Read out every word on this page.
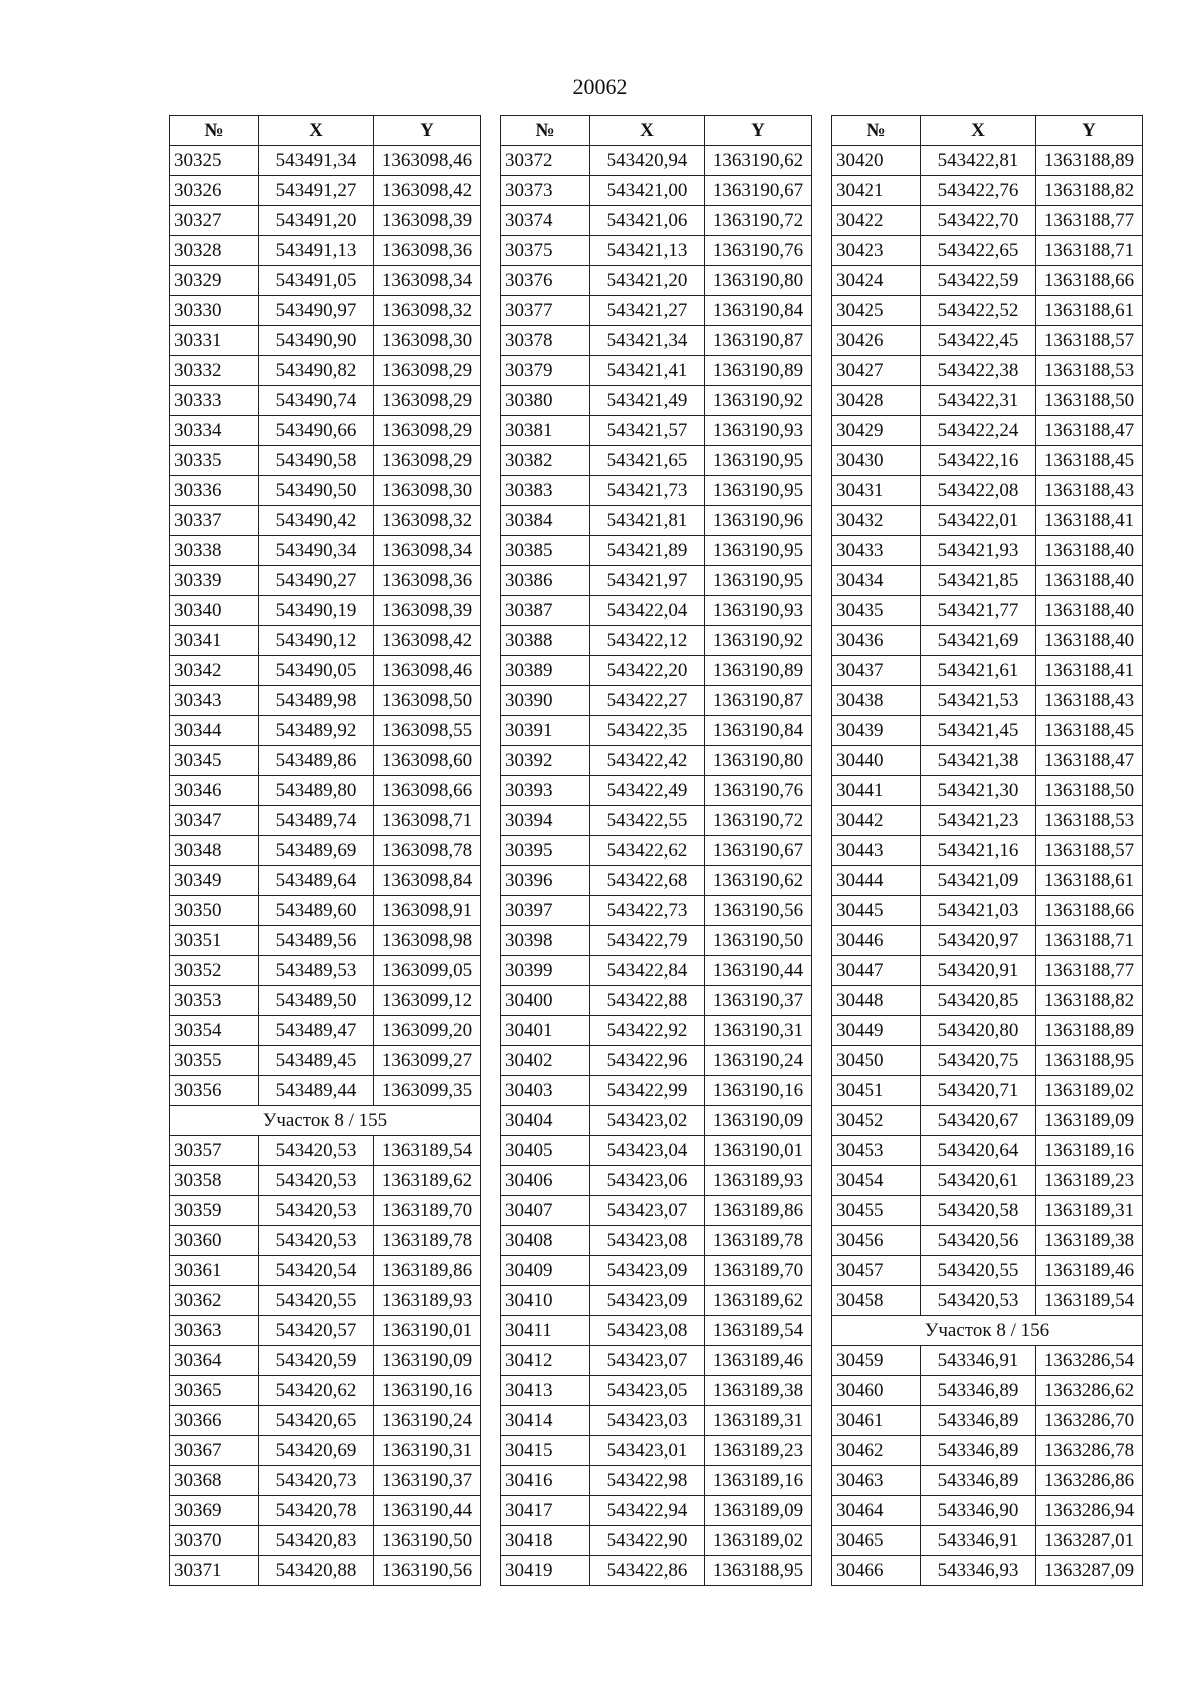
20062
№	X	Y
30325	543491,34	1363098,46
30326	543491,27	1363098,42
30327	543491,20	1363098,39
30328	543491,13	1363098,36
30329	543491,05	1363098,34
30330	543490,97	1363098,32
30331	543490,90	1363098,30
30332	543490,82	1363098,29
30333	543490,74	1363098,29
30334	543490,66	1363098,29
30335	543490,58	1363098,29
30336	543490,50	1363098,30
30337	543490,42	1363098,32
30338	543490,34	1363098,34
30339	543490,27	1363098,36
30340	543490,19	1363098,39
30341	543490,12	1363098,42
30342	543490,05	1363098,46
30343	543489,98	1363098,50
30344	543489,92	1363098,55
30345	543489,86	1363098,60
30346	543489,80	1363098,66
30347	543489,74	1363098,71
30348	543489,69	1363098,78
30349	543489,64	1363098,84
30350	543489,60	1363098,91
30351	543489,56	1363098,98
30352	543489,53	1363099,05
30353	543489,50	1363099,12
30354	543489,47	1363099,20
30355	543489,45	1363099,27
30356	543489,44	1363099,35
Участок 8 / 155		
30357	543420,53	1363189,54
30358	543420,53	1363189,62
30359	543420,53	1363189,70
30360	543420,53	1363189,78
30361	543420,54	1363189,86
30362	543420,55	1363189,93
30363	543420,57	1363190,01
30364	543420,59	1363190,09
30365	543420,62	1363190,16
30366	543420,65	1363190,24
30367	543420,69	1363190,31
30368	543420,73	1363190,37
30369	543420,78	1363190,44
30370	543420,83	1363190,50
30371	543420,88	1363190,56
№	X	Y
30372	543420,94	1363190,62
30373	543421,00	1363190,67
30374	543421,06	1363190,72
30375	543421,13	1363190,76
30376	543421,20	1363190,80
30377	543421,27	1363190,84
30378	543421,34	1363190,87
30379	543421,41	1363190,89
30380	543421,49	1363190,92
30381	543421,57	1363190,93
30382	543421,65	1363190,95
30383	543421,73	1363190,95
30384	543421,81	1363190,96
30385	543421,89	1363190,95
30386	543421,97	1363190,95
30387	543422,04	1363190,93
30388	543422,12	1363190,92
30389	543422,20	1363190,89
30390	543422,27	1363190,87
30391	543422,35	1363190,84
30392	543422,42	1363190,80
30393	543422,49	1363190,76
30394	543422,55	1363190,72
30395	543422,62	1363190,67
30396	543422,68	1363190,62
30397	543422,73	1363190,56
30398	543422,79	1363190,50
30399	543422,84	1363190,44
30400	543422,88	1363190,37
30401	543422,92	1363190,31
30402	543422,96	1363190,24
30403	543422,99	1363190,16
30404	543423,02	1363190,09
30405	543423,04	1363190,01
30406	543423,06	1363189,93
30407	543423,07	1363189,86
30408	543423,08	1363189,78
30409	543423,09	1363189,70
30410	543423,09	1363189,62
30411	543423,08	1363189,54
30412	543423,07	1363189,46
30413	543423,05	1363189,38
30414	543423,03	1363189,31
30415	543423,01	1363189,23
30416	543422,98	1363189,16
30417	543422,94	1363189,09
30418	543422,90	1363189,02
30419	543422,86	1363188,95
№	X	Y
30420	543422,81	1363188,89
30421	543422,76	1363188,82
30422	543422,70	1363188,77
30423	543422,65	1363188,71
30424	543422,59	1363188,66
30425	543422,52	1363188,61
30426	543422,45	1363188,57
30427	543422,38	1363188,53
30428	543422,31	1363188,50
30429	543422,24	1363188,47
30430	543422,16	1363188,45
30431	543422,08	1363188,43
30432	543422,01	1363188,41
30433	543421,93	1363188,40
30434	543421,85	1363188,40
30435	543421,77	1363188,40
30436	543421,69	1363188,40
30437	543421,61	1363188,41
30438	543421,53	1363188,43
30439	543421,45	1363188,45
30440	543421,38	1363188,47
30441	543421,30	1363188,50
30442	543421,23	1363188,53
30443	543421,16	1363188,57
30444	543421,09	1363188,61
30445	543421,03	1363188,66
30446	543420,97	1363188,71
30447	543420,91	1363188,77
30448	543420,85	1363188,82
30449	543420,80	1363188,89
30450	543420,75	1363188,95
30451	543420,71	1363189,02
30452	543420,67	1363189,09
30453	543420,64	1363189,16
30454	543420,61	1363189,23
30455	543420,58	1363189,31
30456	543420,56	1363189,38
30457	543420,55	1363189,46
30458	543420,53	1363189,54
Участок 8 / 156		
30459	543346,91	1363286,54
30460	543346,89	1363286,62
30461	543346,89	1363286,70
30462	543346,89	1363286,78
30463	543346,89	1363286,86
30464	543346,90	1363286,94
30465	543346,91	1363287,01
30466	543346,93	1363287,09
